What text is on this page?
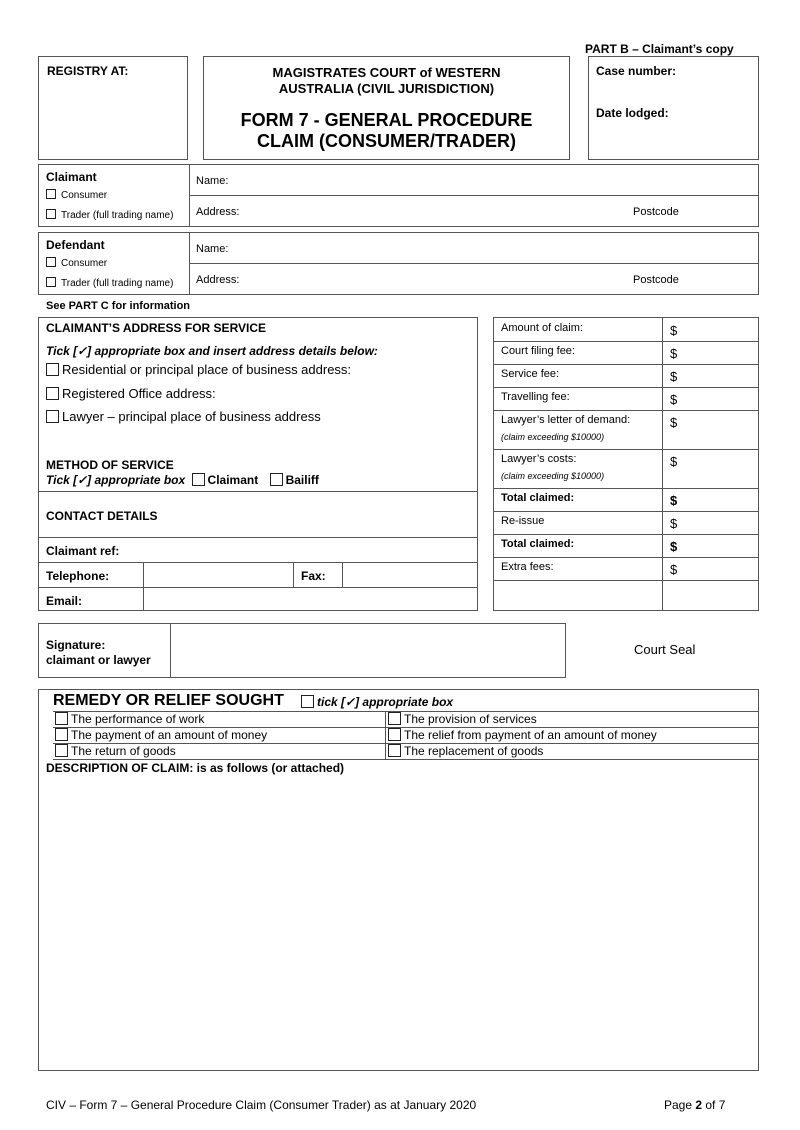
PART B – Claimant’s copy
REGISTRY AT:	MAGISTRATES COURT of WESTERN
AUSTRALIA (CIVIL JURISDICTION)
FORM 7 - GENERAL PROCEDURE
CLAIM (CONSUMER/TRADER)
Case number:
Date lodged:
Claimant
Consumer
Trader (full trading name)
Name:
Address:	Postcode
Defendant
Consumer
Trader (full trading name)
Name:
Address:	Postcode
See PART C for information
CLAIMANT’S ADDRESS FOR SERVICE
Tick [✓] appropriate box and insert address details below:
Residential or principal place of business address:
Registered Office address:
Lawyer – principal place of business address
METHOD OF SERVICE
Tick [✓] appropriate box Claimant Bailiff
CONTACT DETAILS
Claimant ref:
Telephone:	Fax:
Email:
Amount of claim:	$
Court filing fee:	$
Service fee:	$
Travelling fee:	$
Lawyer’s letter of demand:
(claim exceeding $10000)
$
Lawyer’s costs:
(claim exceeding $10000)
$
Total claimed:	$
Re-issue	$
Total claimed:	$
Extra fees:	$
Signature:
claimant or lawyer
Court Seal
REMEDY OR RELIEF SOUGHT	tick [✓] appropriate box
The performance of work	The provision of services
The payment of an amount of money	The relief from payment of an amount of money
The return of goods	The replacement of goods
DESCRIPTION OF CLAIM: is as follows (or attached)
CIV – Form 7 – General Procedure Claim (Consumer Trader) as at January 2020	Page 2 of 7
